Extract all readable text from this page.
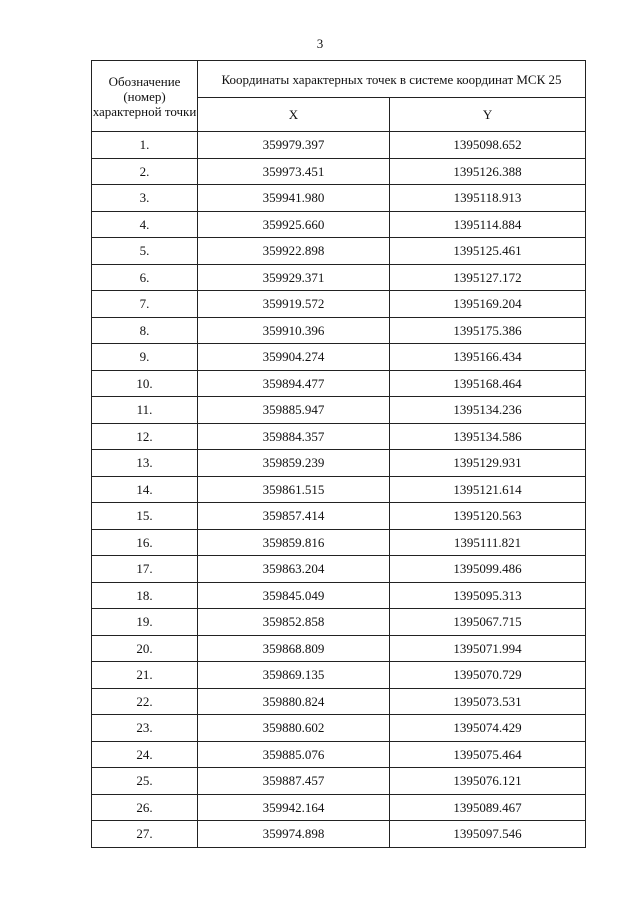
3
Обозначение (номер) характерной точки	Координаты характерных точек в системе координат МСК 25	
	X	Y
1.	359979.397	1395098.652
2.	359973.451	1395126.388
3.	359941.980	1395118.913
4.	359925.660	1395114.884
5.	359922.898	1395125.461
6.	359929.371	1395127.172
7.	359919.572	1395169.204
8.	359910.396	1395175.386
9.	359904.274	1395166.434
10.	359894.477	1395168.464
11.	359885.947	1395134.236
12.	359884.357	1395134.586
13.	359859.239	1395129.931
14.	359861.515	1395121.614
15.	359857.414	1395120.563
16.	359859.816	1395111.821
17.	359863.204	1395099.486
18.	359845.049	1395095.313
19.	359852.858	1395067.715
20.	359868.809	1395071.994
21.	359869.135	1395070.729
22.	359880.824	1395073.531
23.	359880.602	1395074.429
24.	359885.076	1395075.464
25.	359887.457	1395076.121
26.	359942.164	1395089.467
27.	359974.898	1395097.546
